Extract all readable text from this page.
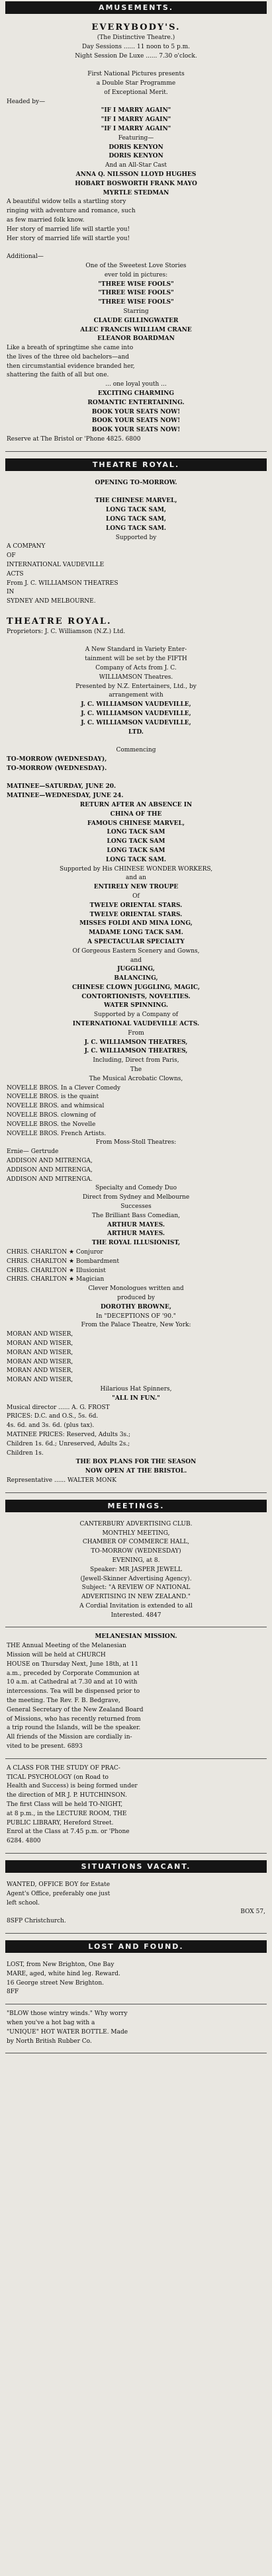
AMUSEMENTS.
EVERYBODY'S.
(The Distinctive Theatre.)
Day Sessions ...... 11 noon to 5 p.m.
Night Session De Luxe ...... 7.30 o'clock.

First National Pictures presents
a Double Star Programme
of Exceptional Merit.
Headed by—
"IF I MARRY AGAIN"
"IF I MARRY AGAIN"
"IF I MARRY AGAIN"
Featuring—
DORIS KENYON
DORIS KENYON
And an All-Star Cast
ANNA Q. NILSSON LLOYD HUGHES
HOBART BOSWORTH FRANK MAYO
MYRTLE STEDMAN
A beautiful widow tells a startling story
ringing with adventure and romance, such
as few married folk know.
Her story of married life will startle you!
Her story of married life will startle you!

Additional—
One of the Sweetest Love Stories
ever told in pictures:
"THREE WISE FOOLS"
"THREE WISE FOOLS"
"THREE WISE FOOLS"
Starring
CLAUDE GILLINGWATER
ALEC FRANCIS WILLIAM CRANE
ELEANOR BOARDMAN
Like a breath of springtime she came into
the lives of the three old bachelors—and
then circumstantial evidence branded her,
shattering the faith of all but one.
... one loyal youth ...
EXCITING CHARMING
ROMANTIC ENTERTAINING.
BOOK YOUR SEATS NOW!
BOOK YOUR SEATS NOW!
BOOK YOUR SEATS NOW!
Reserve at The Bristol or 'Phone 4825. 6800
THEATRE ROYAL.
OPENING TO-MORROW.

THE CHINESE MARVEL,
LONG TACK SAM,
LONG TACK SAM,
LONG TACK SAM.
Supported by
A COMPANY
OF
INTERNATIONAL VAUDEVILLE
ACTS
From J. C. WILLIAMSON THEATRES
IN
SYDNEY AND MELBOURNE.

THEATRE ROYAL.
Proprietors: J. C. Williamson (N.Z.) Ltd.

A New Standard in Variety Enter-
tainment will be set by the FIFTH
Company of Acts from J. C.
WILLIAMSON Theatres.
Presented by N.Z. Entertainers, Ltd., by
arrangement with
J. C. WILLIAMSON VAUDEVILLE,
J. C. WILLIAMSON VAUDEVILLE,
J. C. WILLIAMSON VAUDEVILLE,
LTD.

Commencing
TO-MORROW (WEDNESDAY),
TO-MORROW (WEDNESDAY).

MATINEE—SATURDAY, JUNE 20.
MATINEE—WEDNESDAY, JUNE 24.
RETURN AFTER AN ABSENCE IN
CHINA OF THE
FAMOUS CHINESE MARVEL,
LONG TACK SAM
LONG TACK SAM
LONG TACK SAM
LONG TACK SAM.
Supported by His CHINESE WONDER WORKERS,
and an
ENTIRELY NEW TROUPE
Of
TWELVE ORIENTAL STARS.
TWELVE ORIENTAL STARS.
MISSES FOLDI AND MINA LONG,
MADAME LONG TACK SAM.
A SPECTACULAR SPECIALTY
Of Gorgeous Eastern Scenery and Gowns,
and
JUGGLING,
BALANCING,
CHINESE CLOWN JUGGLING, MAGIC,
CONTORTIONISTS, NOVELTIES.
WATER SPINNING.
Supported by a Company of
INTERNATIONAL VAUDEVILLE ACTS.
From
J. C. WILLIAMSON THEATRES,
J. C. WILLIAMSON THEATRES,
Including, Direct from Paris,
The
The Musical Acrobatic Clowns,
NOVELLE BROS. In a Clever Comedy
NOVELLE BROS. is the quaint
NOVELLE BROS. and whimsical
NOVELLE BROS. clowning of
NOVELLE BROS. the Novelle
NOVELLE BROS. French Artists.
From Moss-Stoll Theatres:
Ernie— Gertrude
ADDISON AND MITRENGA,
ADDISON AND MITRENGA,
ADDISON AND MITRENGA.
Specialty and Comedy Duo
Direct from Sydney and Melbourne
Successes
The Brilliant Bass Comedian,
ARTHUR MAYES.
ARTHUR MAYES.
THE ROYAL ILLUSIONIST,
CHRIS. CHARLTON ★ Conjuror
CHRIS. CHARLTON ★ Bombardment
CHRIS. CHARLTON ★ Illusionist
CHRIS. CHARLTON ★ Magician
Clever Monologues written and
produced by
DOROTHY BROWNE,
In "DECEPTIONS OF '90."
From the Palace Theatre, New York:
MORAN AND WISER,
MORAN AND WISER,
MORAN AND WISER,
MORAN AND WISER,
MORAN AND WISER,
MORAN AND WISER,
Hilarious Hat Spinners,
"ALL IN FUN."
Musical director ...... A. G. FROST
PRICES: D.C. and O.S., 5s. 6d.
4s. 6d. and 3s. 6d. (plus tax).
MATINEE PRICES: Reserved, Adults 3s.;
Children 1s. 6d.; Unreserved, Adults 2s.;
Children 1s.
THE BOX PLANS FOR THE SEASON
NOW OPEN AT THE BRISTOL.
Representative ...... WALTER MONK
MEETINGS.
CANTERBURY ADVERTISING CLUB.
MONTHLY MEETING,
CHAMBER OF COMMERCE HALL,
TO-MORROW (WEDNESDAY)
EVENING, at 8.
Speaker: MR JASPER JEWELL
(Jewell-Skinner Advertising Agency).
Subject: "A REVIEW OF NATIONAL
ADVERTISING IN NEW ZEALAND."
A Cordial Invitation is extended to all
Interested. 4847
MELANESIAN MISSION.
THE Annual Meeting of the Melanesian
Mission will be held at CHURCH
HOUSE on Thursday Next, June 18th, at 11
a.m., preceded by Corporate Communion at
10 a.m. at Cathedral at 7.30 and at 10 with
intercessions. Tea will be dispensed prior to
the meeting. The Rev. F. B. Bedgrave,
General Secretary of the New Zealand Board
of Missions, who has recently returned from
a trip round the Islands, will be the speaker.
All friends of the Mission are cordially in-
vited to be present. 6893
A CLASS FOR THE STUDY OF PRAC-
TICAL PSYCHOLOGY (on Road to
Health and Success) is being formed under
the direction of MR J. P. HUTCHINSON.
The first Class will be held TO-NIGHT,
at 8 p.m., in the LECTURE ROOM, THE
PUBLIC LIBRARY, Hereford Street.
Enrol at the Class at 7.45 p.m. or 'Phone
6284. 4800
SITUATIONS VACANT.
WANTED, OFFICE BOY for Estate
Agent's Office, preferably one just
left school.
BOX 57,
8SFP Christchurch.
LOST AND FOUND.
LOST, from New Brighton, One Bay
MARE, aged, white hind leg. Reward.
16 George street New Brighton.
8FF
"BLOW those wintry winds." Why worry
when you've a hot bag with a
"UNIQUE" HOT WATER BOTTLE. Made
by North British Rubber Co.
